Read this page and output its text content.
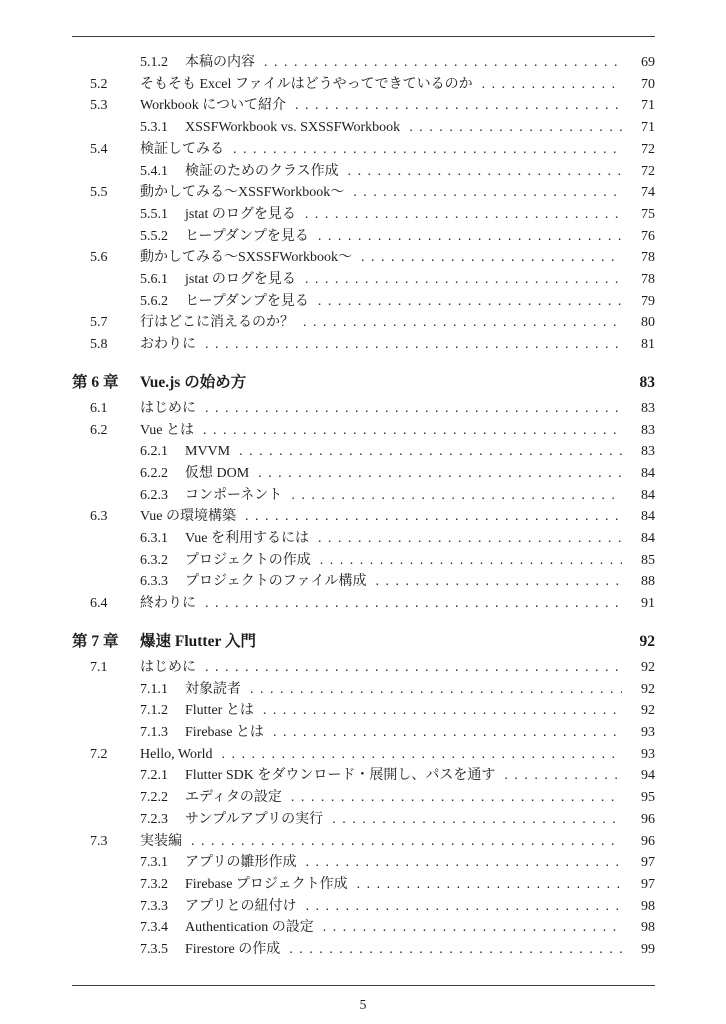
5.1.2	本稿の内容 . . .	69
5.2	そもそも Excel ファイルはどうやってできているのか . . .	70
5.3	Workbook について紹介 . . .	71
5.3.1	XSSFWorkbook vs. SXSSFWorkbook . . .	71
5.4	検証してみる . . .	72
5.4.1	検証のためのクラス作成 . . .	72
5.5	動かしてみる〜XSSFWorkbook〜 . . .	74
5.5.1	jstat のログを見る . . .	75
5.5.2	ヒープダンプを見る . . .	76
5.6	動かしてみる〜SXSSFWorkbook〜 . . .	78
5.6.1	jstat のログを見る . . .	78
5.6.2	ヒープダンプを見る . . .	79
5.7	行はどこに消えるのか？ . . .	80
5.8	おわりに . . .	81
第 6 章	Vue.js の始め方	83
6.1	はじめに . . .	83
6.2	Vue とは . . .	83
6.2.1	MVVM . . .	83
6.2.2	仮想 DOM . . .	84
6.2.3	コンポーネント . . .	84
6.3	Vue の環境構築 . . .	84
6.3.1	Vue を利用するには . . .	84
6.3.2	プロジェクトの作成 . . .	85
6.3.3	プロジェクトのファイル構成 . . .	88
6.4	終わりに . . .	91
第 7 章	爆速 Flutter 入門	92
7.1	はじめに . . .	92
7.1.1	対象読者 . . .	92
7.1.2	Flutter とは . . .	92
7.1.3	Firebase とは . . .	93
7.2	Hello, World . . .	93
7.2.1	Flutter SDK をダウンロード・展開し、パスを通す . . .	94
7.2.2	エディタの設定 . . .	95
7.2.3	サンプルアプリの実行 . . .	96
7.3	実装編 . . .	96
7.3.1	アプリの雛形作成 . . .	97
7.3.2	Firebase プロジェクト作成 . . .	97
7.3.3	アプリとの紐付け . . .	98
7.3.4	Authentication の設定 . . .	98
7.3.5	Firestore の作成 . . .	99
5
